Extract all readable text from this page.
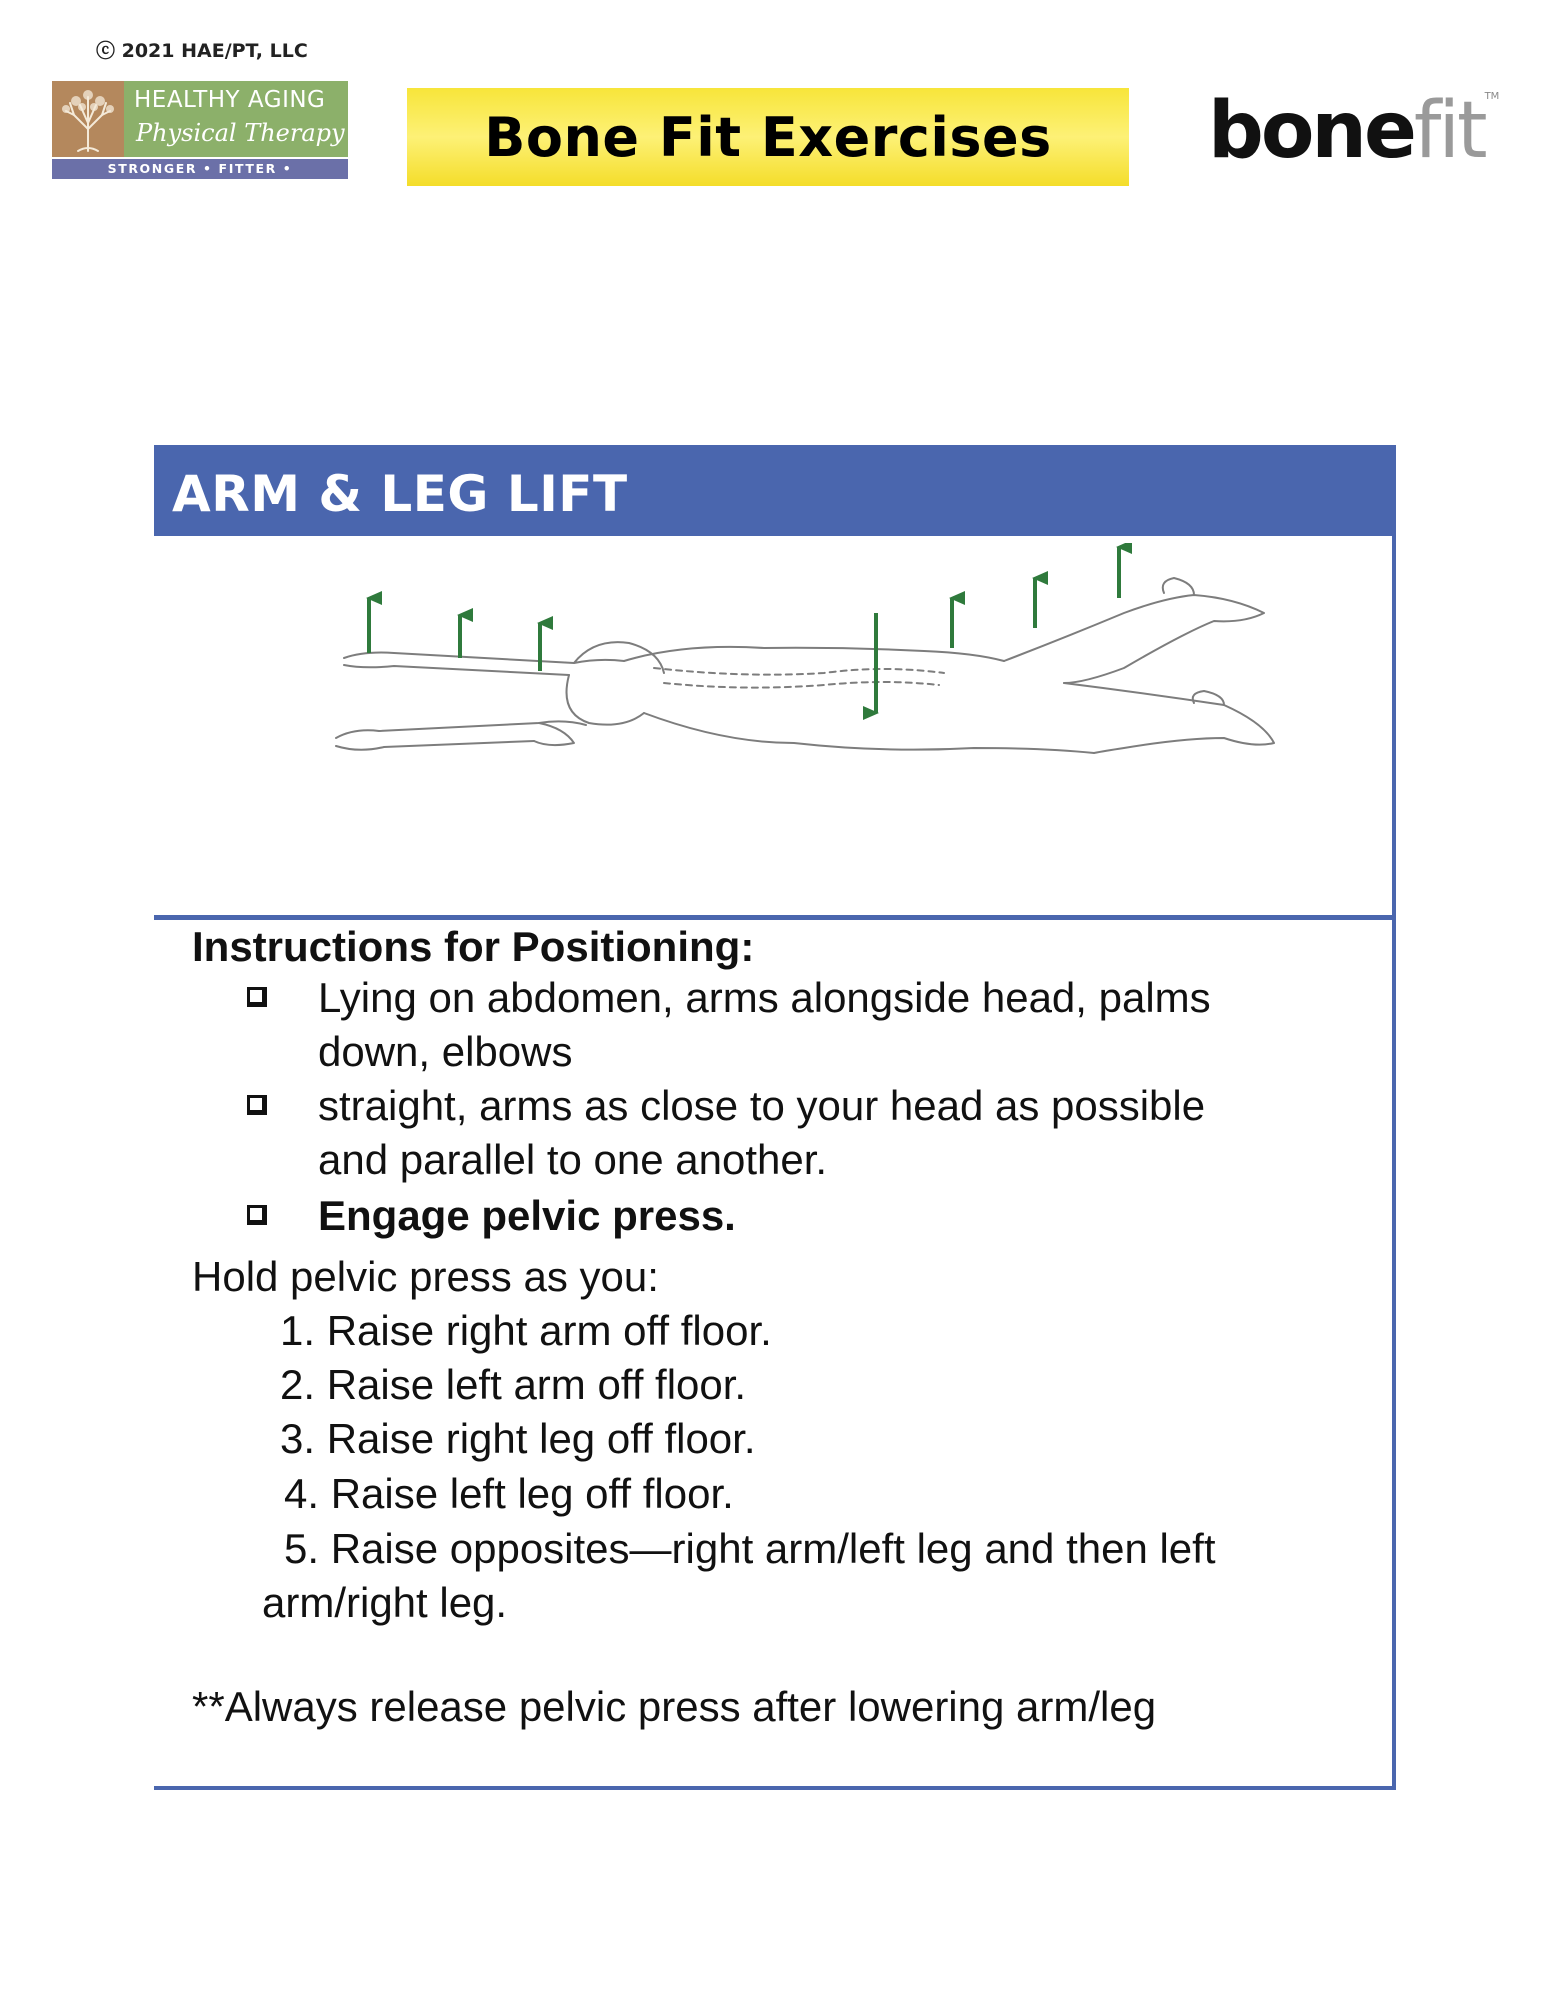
ⓒ 2021 HAE/PT, LLC
HEALTHY AGING
Physical Therapy
STRONGER • FITTER • FUNCTIONAL
Bone Fit Exercises bonefit™
ARM & LEG LIFT
Instructions for Positioning:
Lying on abdomen, arms alongside head, palms
down, elbows
straight, arms as close to your head as possible
and parallel to one another.
Engage pelvic press.
Hold pelvic press as you:
1. Raise right arm off floor.
2. Raise left arm off floor.
3. Raise right leg off floor.
4. Raise left leg off floor.
5. Raise opposites—right arm/left leg and then left
arm/right leg.
**Always release pelvic press after lowering arm/leg
